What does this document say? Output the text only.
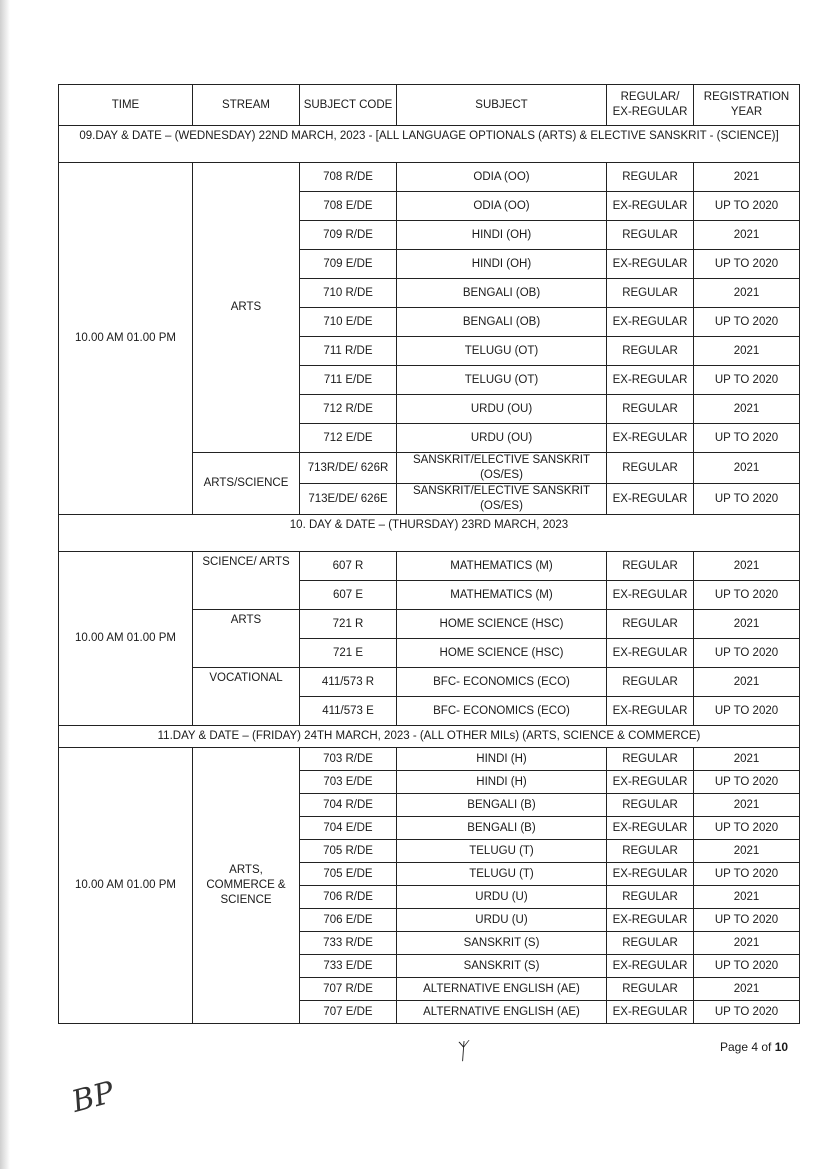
TIME	STREAM	SUBJECT CODE	SUBJECT	REGULAR/ EX-REGULAR	REGISTRATION YEAR
09.DAY & DATE – (WEDNESDAY) 22ND MARCH, 2023 - [ALL LANGUAGE OPTIONALS (ARTS) & ELECTIVE SANSKRIT - (SCIENCE)]					
10.00 AM 01.00 PM	ARTS	708 R/DE	ODIA (OO)	REGULAR	2021
		708 E/DE	ODIA (OO)	EX-REGULAR	UP TO 2020
		709 R/DE	HINDI (OH)	REGULAR	2021
		709 E/DE	HINDI (OH)	EX-REGULAR	UP TO 2020
		710 R/DE	BENGALI (OB)	REGULAR	2021
		710 E/DE	BENGALI (OB)	EX-REGULAR	UP TO 2020
		711 R/DE	TELUGU (OT)	REGULAR	2021
		711 E/DE	TELUGU (OT)	EX-REGULAR	UP TO 2020
		712 R/DE	URDU (OU)	REGULAR	2021
		712 E/DE	URDU (OU)	EX-REGULAR	UP TO 2020
	ARTS/SCIENCE	713R/DE/ 626R	SANSKRIT/ELECTIVE SANSKRIT (OS/ES)	REGULAR	2021
		713E/DE/ 626E	SANSKRIT/ELECTIVE SANSKRIT (OS/ES)	EX-REGULAR	UP TO 2020
10. DAY & DATE – (THURSDAY) 23RD MARCH, 2023					
10.00 AM 01.00 PM	SCIENCE/ ARTS	607 R	MATHEMATICS (M)	REGULAR	2021
		607 E	MATHEMATICS (M)	EX-REGULAR	UP TO 2020
	ARTS	721 R	HOME SCIENCE (HSC)	REGULAR	2021
		721 E	HOME SCIENCE (HSC)	EX-REGULAR	UP TO 2020
	VOCATIONAL	411/573 R	BFC- ECONOMICS (ECO)	REGULAR	2021
		411/573 E	BFC- ECONOMICS (ECO)	EX-REGULAR	UP TO 2020
11.DAY & DATE – (FRIDAY) 24TH MARCH, 2023 - (ALL OTHER MILs) (ARTS, SCIENCE & COMMERCE)					
10.00 AM 01.00 PM	ARTS, COMMERCE & SCIENCE	703 R/DE	HINDI (H)	REGULAR	2021
		703 E/DE	HINDI (H)	EX-REGULAR	UP TO 2020
		704 R/DE	BENGALI (B)	REGULAR	2021
		704 E/DE	BENGALI (B)	EX-REGULAR	UP TO 2020
		705 R/DE	TELUGU (T)	REGULAR	2021
		705 E/DE	TELUGU (T)	EX-REGULAR	UP TO 2020
		706 R/DE	URDU (U)	REGULAR	2021
		706 E/DE	URDU (U)	EX-REGULAR	UP TO 2020
		733 R/DE	SANSKRIT (S)	REGULAR	2021
		733 E/DE	SANSKRIT (S)	EX-REGULAR	UP TO 2020
		707 R/DE	ALTERNATIVE ENGLISH (AE)	REGULAR	2021
		707 E/DE	ALTERNATIVE ENGLISH (AE)	EX-REGULAR	UP TO 2020
ᛉ	Page 4 of 10
BP
